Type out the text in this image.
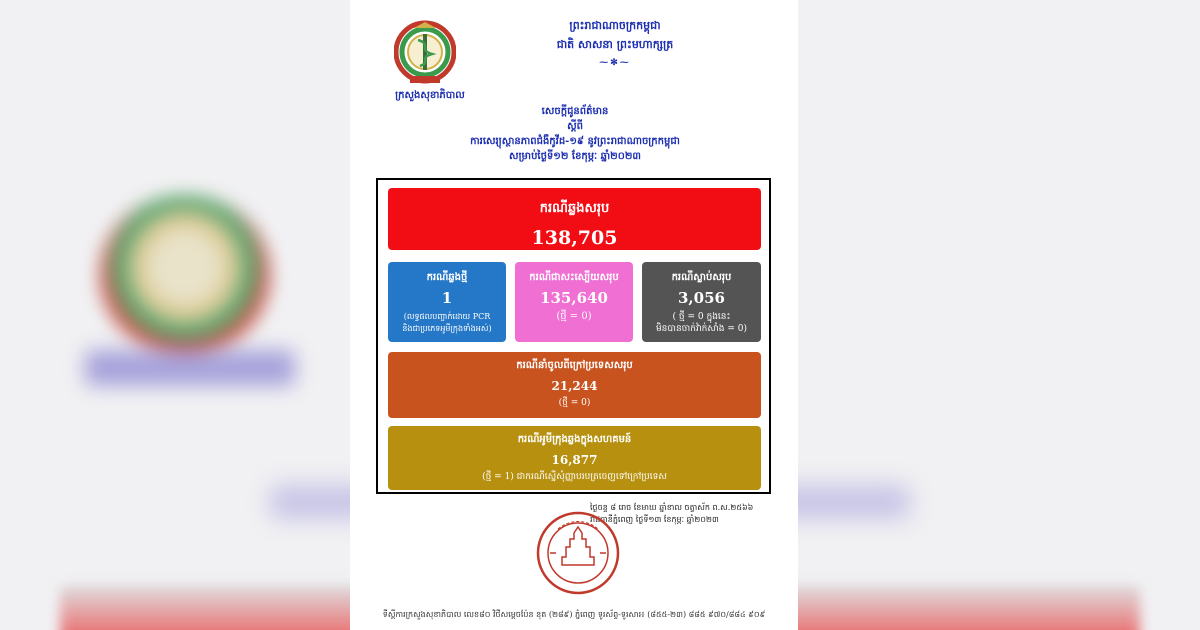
ក្រសួងសុខាភិបាល
ព្រះរាជាណាចក្រកម្ពុជា
ជាតិ សាសនា ព្រះមហាក្សត្រ
⁓✻⁓
សេចក្តីជូនព័ត៌មាន
ស្តីពី
ការសេរ្យុស្ថានភាពជំងឺកូវីដ-១៩ នូវព្រះរាជាណាចក្រកម្ពុជា
សម្រាប់ថ្ងៃទី១២ ខែកុម្ភៈ ឆ្នាំ២០២៣
ករណីឆ្លងសរុប
138,705
ករណីឆ្លងថ្មី
1
(លទ្ធផលបញ្ជាក់ដោយ PCR
និងជាប្រភេទអូមីក្រុងទាំងអស់)
ករណីជាសះស្បើយសរុប
135,640
(ថ្មី = 0)
ករណីស្លាប់សរុប
3,056
( ថ្មី = 0 ក្នុងនេះ
មិនបានចាក់វ៉ាក់សាំង = 0)
ករណីនាំចូលពីក្រៅប្រទេសសរុប
21,244
(ថ្មី = 0)
ករណីអូមីក្រុងឆ្លងក្នុងសហគមន៍
16,877
(ថ្មី = 1) ជាករណីស្នើសុំញ្ញាបរបត្រចេញទៅក្រៅប្រទេស
ថ្ងៃចន្ទ ៨ រោច ខែមាឃ ឆ្នាំខាល ចត្វាស័ក ព.ស.២៥៦៦
រាជធានីភ្នំពេញ ថ្ងៃទី១៣ ខែកុម្ភៈ ឆ្នាំ២០២៣
ទីស្តីការក្រសួងសុខាភិបាល លេខ៨០ វិថីសម្តេចប៉ែន នុត (២៨៩) ភ្នំពេញ ទូរស័ព្ទ-ទូរសារ៖ (៨៥៥-២៣) ៨៨៥ ៩៧០/៨៨៤ ៩០៩
